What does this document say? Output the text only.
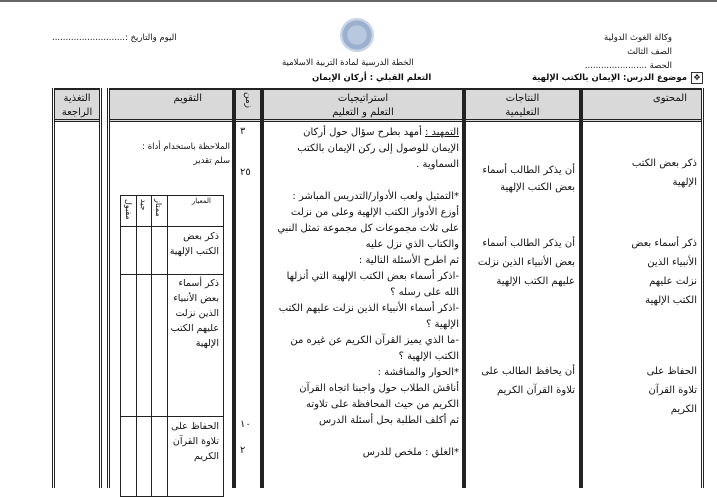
وكالة الغوث الدولية
الصف الثالث
الحصة .......................
اليوم والتاريخ :...........................
الخطة الدرسية لمادة التربية الاسلامية
موضوع الدرس: الإيمان بالكتب الإلهية ✥
التعلم القبلي : أركان الإيمان
المحتوى
ذكر بعض الكتب الإلهية
ذكر أسماء بعض الأنبياء الذين نزلت عليهم الكتب الإلهية
الحفاظ على تلاوة القرآن الكريم
النتاجات
التعليمية
أن يذكر الطالب أسماء بعض الكتب الإلهية
أن يذكر الطالب أسماء بعض الأنبياء الذين نزلت عليهم الكتب الإلهية
أن يحافظ الطالب على تلاوة القرآن الكريم
استراتيجيات
التعلم و التعليم
التمهيد : أمهد بطرح سؤال حول أركان
الإيمان للوصول إلى ركن الإيمان بالكتب
السماوية .
*التمثيل ولعب الأدوار/التدريس المباشر :
أوزع الأدوار الكتب الإلهية وعلى من نزلت
على ثلاث مجموعات كل مجموعة تمثل النبي
والكتاب الذي نزل عليه
ثم اطرح الأسئلة التالية :
-اذكر أسماء بعض الكتب الإلهية التي أنزلها
الله على رسله ؟
-اذكر أسماء الأنبياء الذين نزلت عليهم الكتب
الإلهية ؟
-ما الذي يميز القرآن الكريم عن غيره من
الكتب الإلهية ؟
*الحوار والمناقشة :
أناقش الطلاب حول واجبنا اتجاه القرآن
الكريم من حيث المحافظة على تلاوته
ثم أكلف الطلبة بحل أسئلة الدرس
*الغلق : ملخص للدرس
زمن
٣
٢٥
١٠
٢
التقويم
الملاحظة باستخدام أداة :
سلم تقدير
مقبول جيد ممتاز	المعيار
ذكر بعض الكتب الإلهية
ذكر أسماء بعض الأنبياء الذين نزلت عليهم الكتب الإلهية
الحفاظ على تلاوة القرآن الكريم
التغذية
الراجعة
